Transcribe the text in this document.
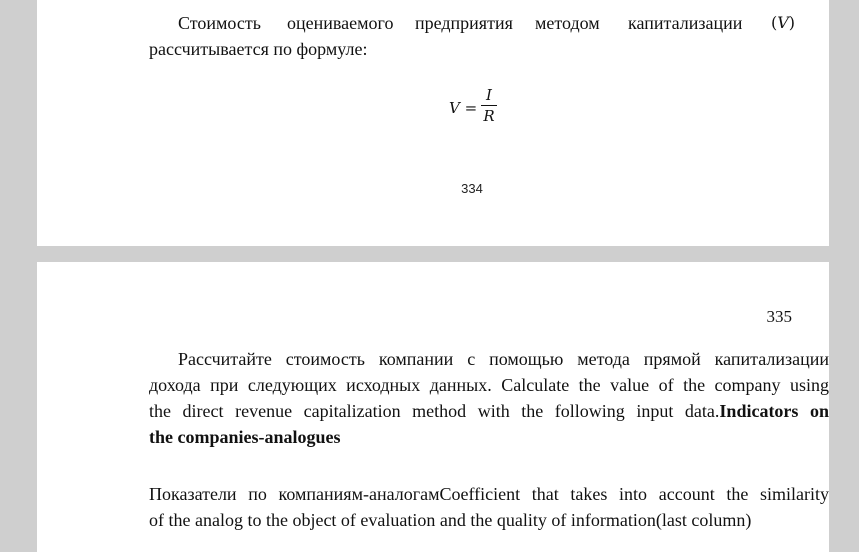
Стоимость оцениваемого предприятия методом капитализации (𝑉)
рассчитывается по формуле:
V =
I
R
334
335
Рассчитайте стоимость компании с помощью метода прямой капитализации
дохода при следующих исходных данных. Calculate the value of the company using
the direct revenue capitalization method with the following input data.Indicators on
the companies-analogues
Показатели по компаниям-аналогамCoefficient that takes into account the similarity
of the analog to the object of evaluation and the quality of information(last column)
